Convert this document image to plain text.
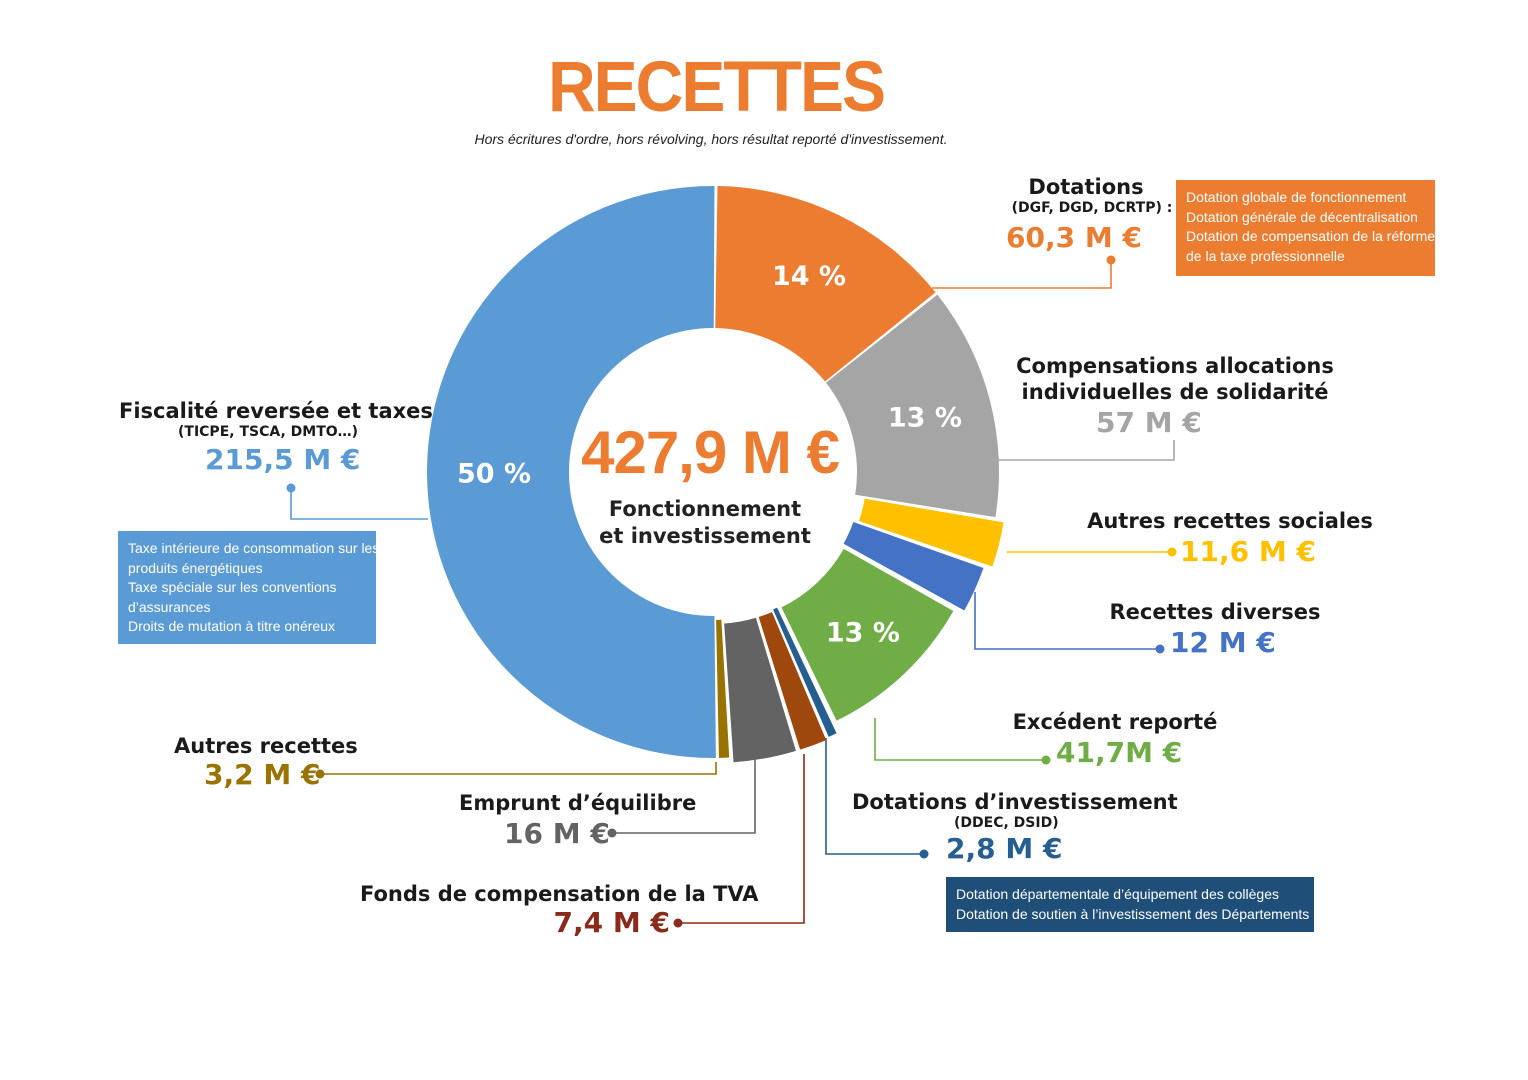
14 %
13 %
13 %
50 %
RECETTES
Hors écritures d'ordre, hors révolving, hors résultat reporté d'investissement.
427,9 M €
Fonctionnement
et investissement
Dotations
(DGF, DGD, DCRTP) :
60,3 M €
Dotation globale de fonctionnement
Dotation générale de décentralisation
Dotation de compensation de la réforme
de la taxe professionnelle
Compensations allocations
individuelles de solidarité
57 M €
Autres recettes sociales
11,6 M €
Recettes diverses
12 M €
Excédent reporté
41,7M €
Dotations d’investissement
(DDEC, DSID)
2,8 M €
Dotation départementale d’équipement des collèges
Dotation de soutien à l’investissement des Départements
Fonds de compensation de la TVA
7,4 M €
Emprunt d’équilibre
16 M €
Autres recettes
3,2 M €
Fiscalité reversée et taxes
(TICPE, TSCA, DMTO…)
215,5 M €
Taxe intérieure de consommation sur les
produits énergétiques
Taxe spéciale sur les conventions
d’assurances
Droits de mutation à titre onéreux
